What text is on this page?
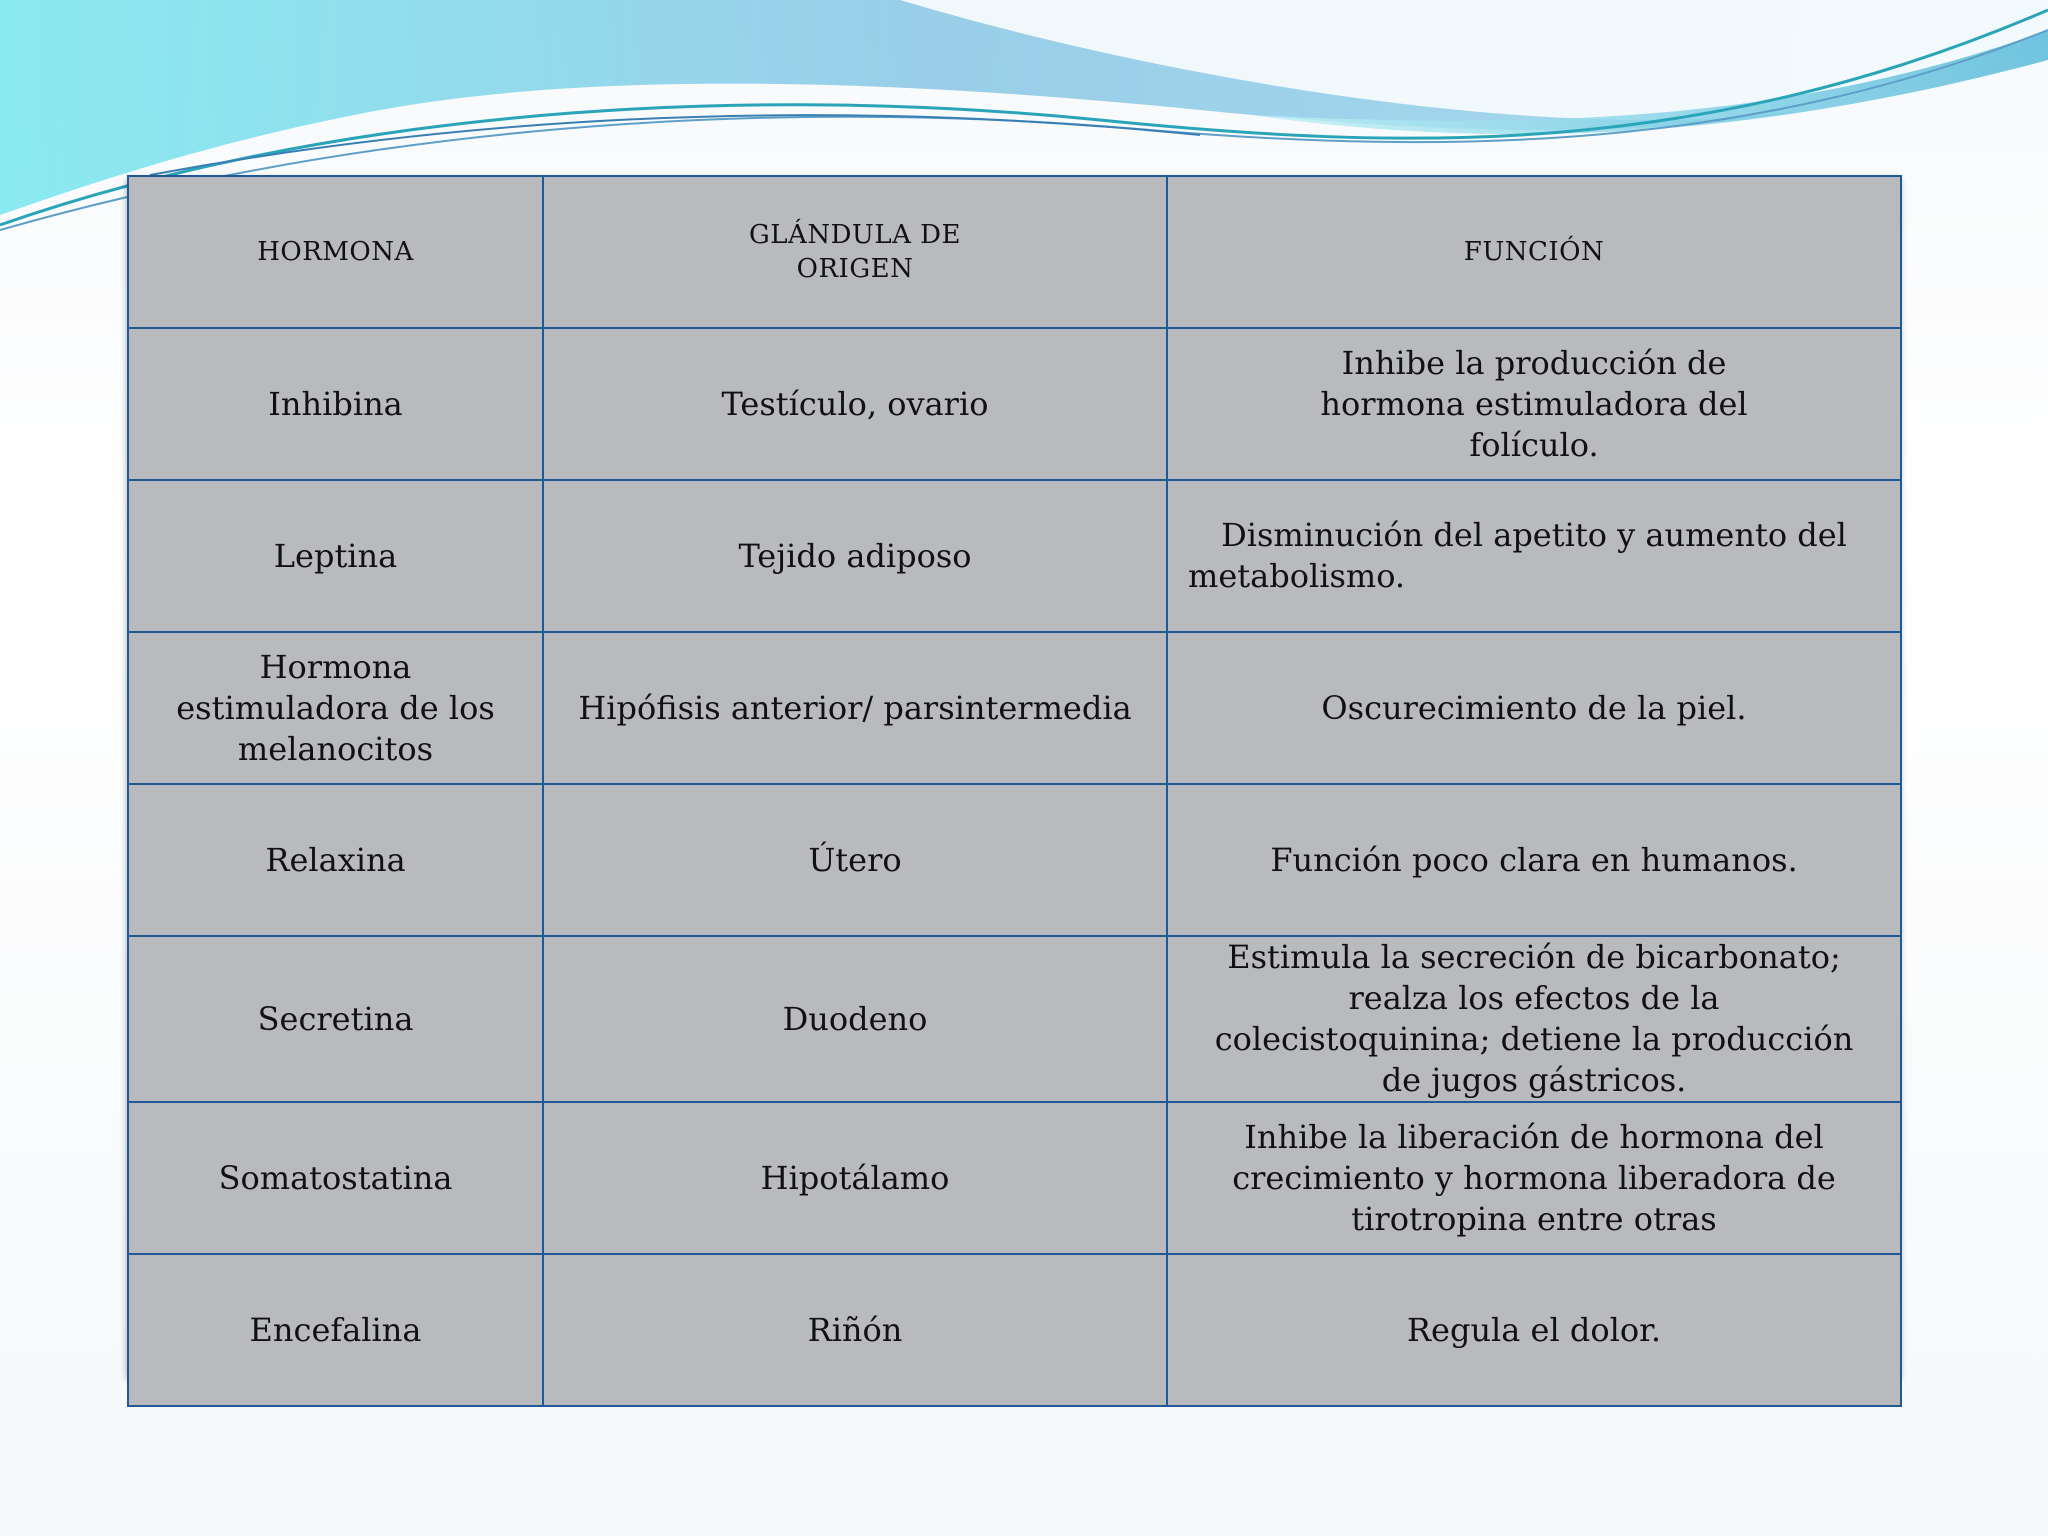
HORMONA	GLÁNDULA DE ORIGEN	FUNCIÓN
Inhibina	Testículo, ovario	Inhibe la producción de hormona estimuladora del folículo.
Leptina	Tejido adiposo	Disminución del apetito y aumento del metabolismo.
Hormona estimuladora de los melanocitos	Hipófisis anterior/ parsintermedia	Oscurecimiento de la piel.
Relaxina	Útero	Función poco clara en humanos.
Secretina	Duodeno	Estimula la secreción de bicarbonato; realza los efectos de la colecistoquinina; detiene la producción de jugos gástricos.
Somatostatina	Hipotálamo	Inhibe la liberación de hormona del crecimiento y hormona liberadora de tirotropina entre otras
Encefalina	Riñón	Regula el dolor.
